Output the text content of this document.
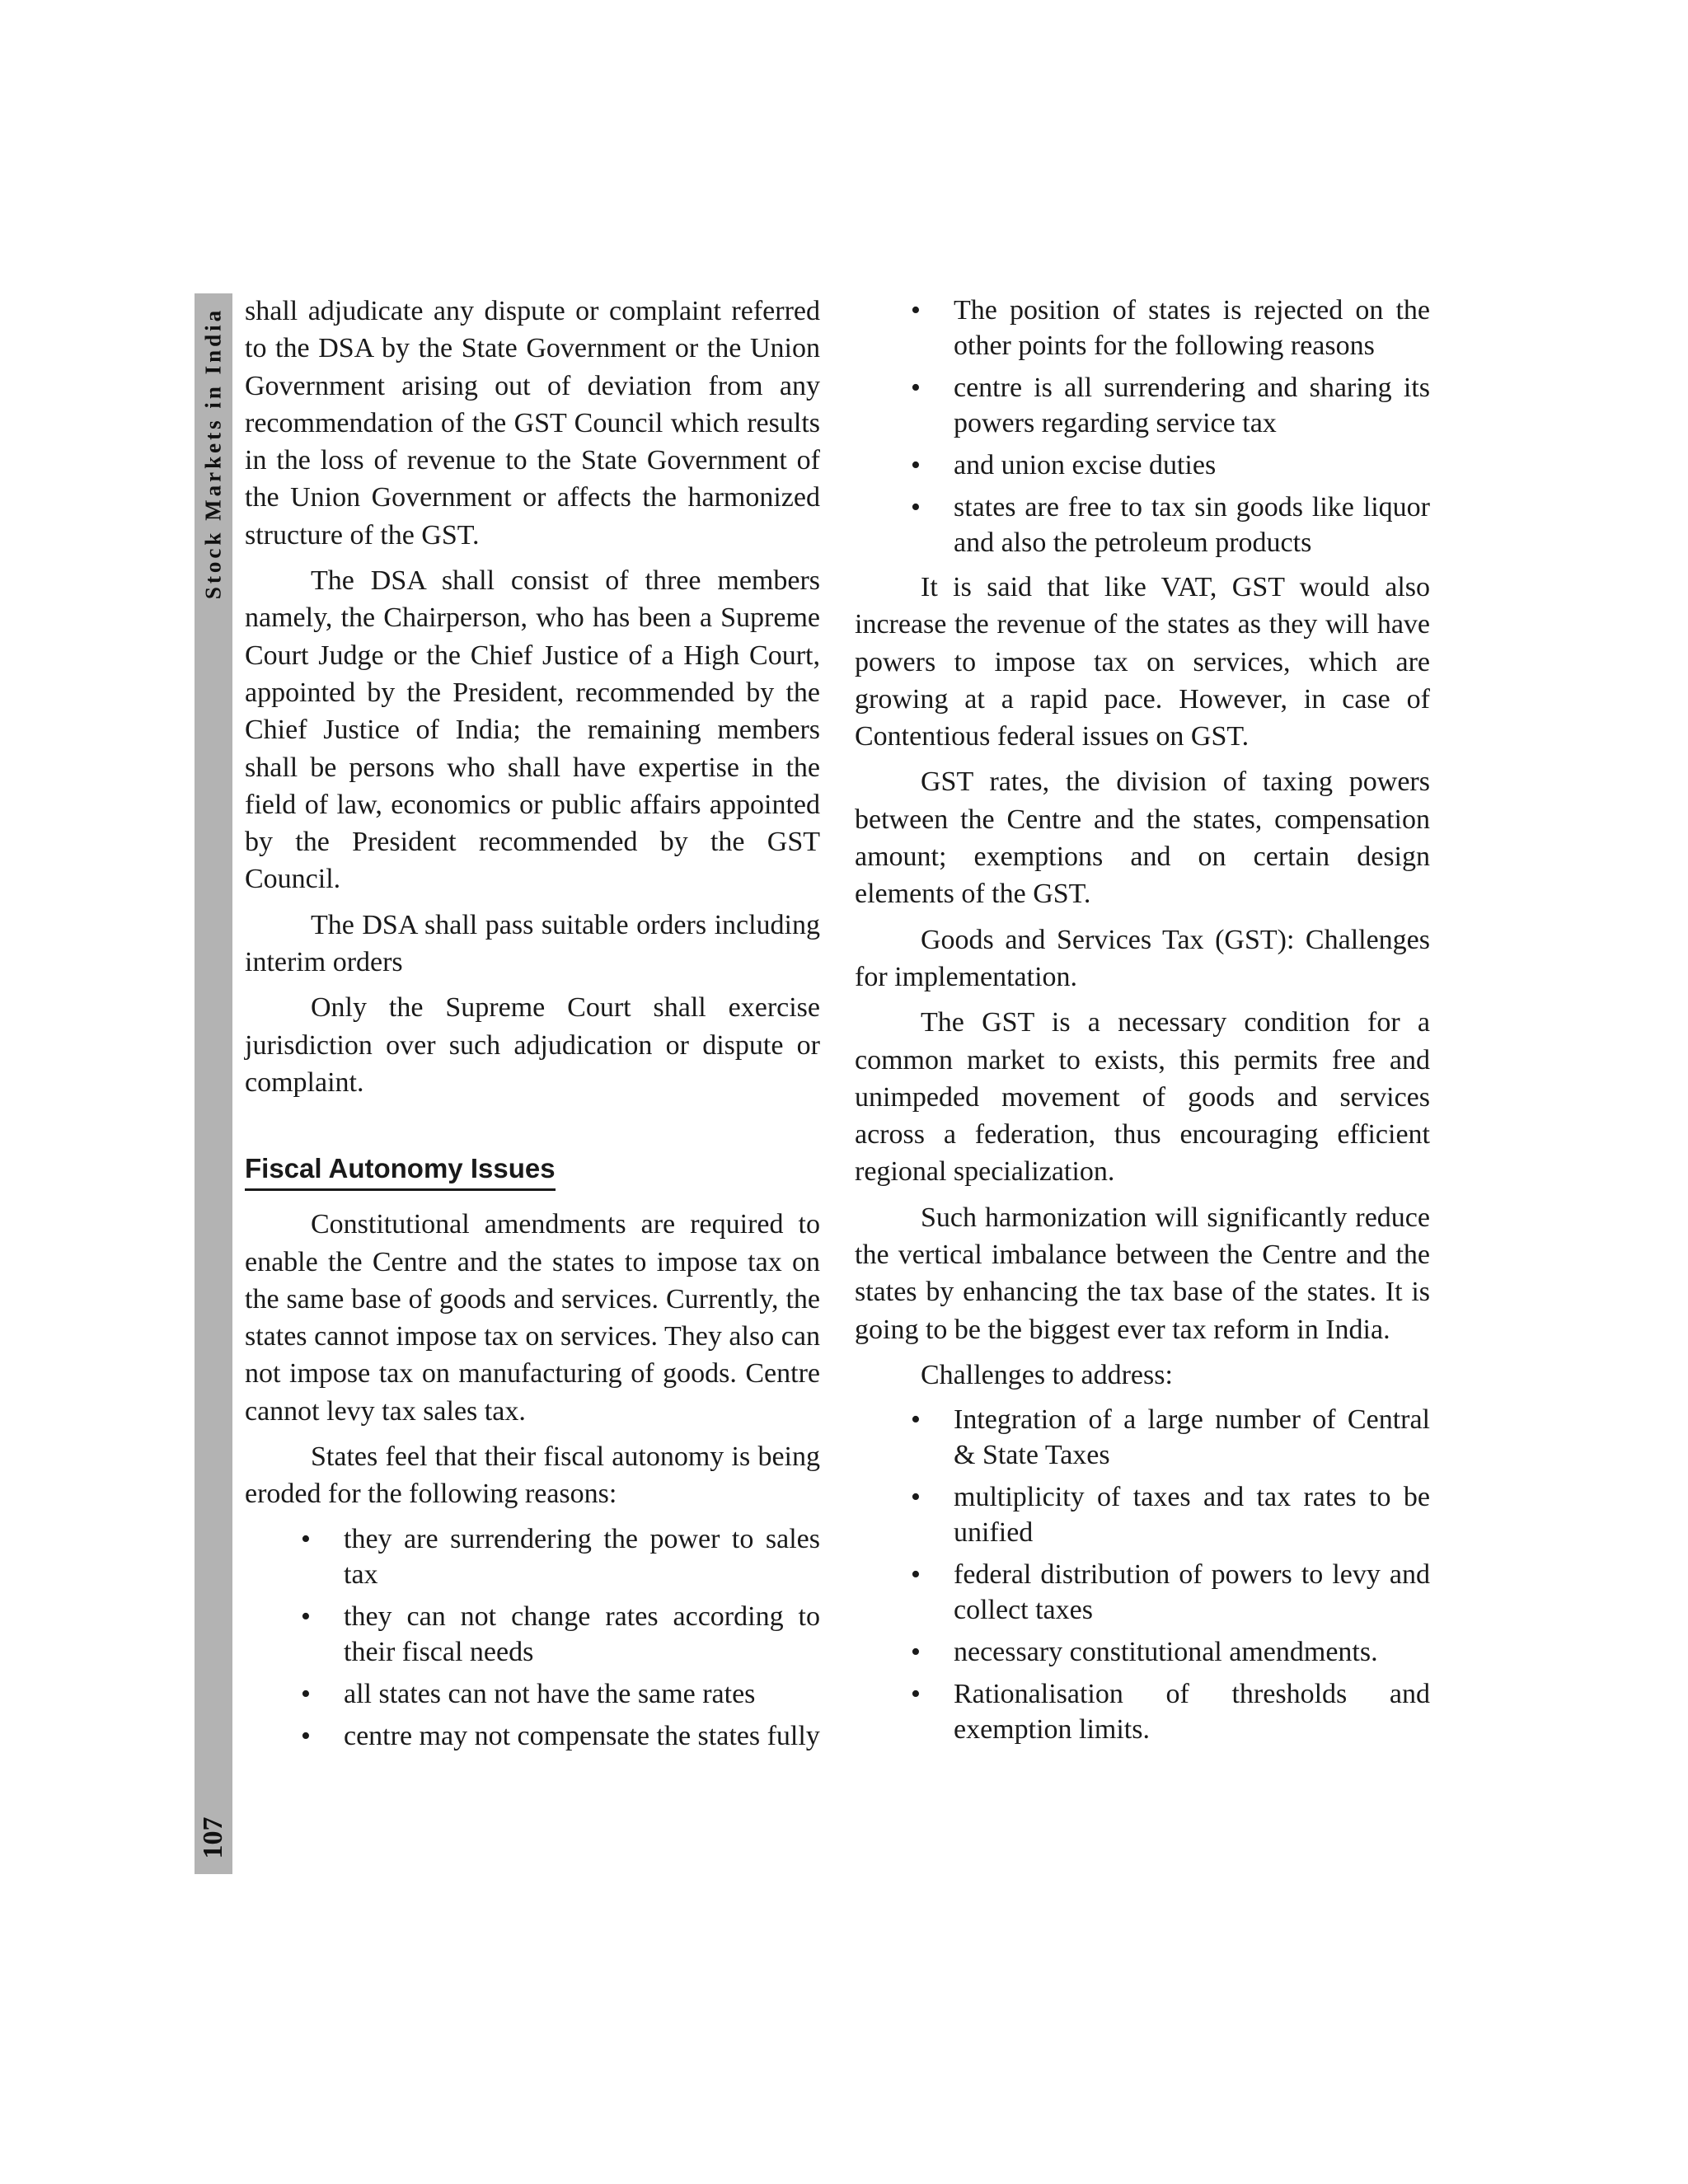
Stock Markets in India
107

shall adjudicate any dispute or complaint referred to the DSA by the State Government or the Union Government arising out of deviation from any recommendation of the GST Council which results in the loss of revenue to the State Government of the Union Government or affects the harmonized structure of the GST.

The DSA shall consist of three members namely, the Chairperson, who has been a Supreme Court Judge or the Chief Justice of a High Court, appointed by the President, recommended by the Chief Justice of India; the remaining members shall be persons who shall have expertise in the field of law, economics or public affairs appointed by the President recommended by the GST Council.

The DSA shall pass suitable orders including interim orders

Only the Supreme Court shall exercise jurisdiction over such adjudication or dispute or complaint.

Fiscal Autonomy Issues

Constitutional amendments are required to enable the Centre and the states to impose tax on the same base of goods and services. Currently, the states cannot impose tax on services. They also can not impose tax on manufacturing of goods. Centre cannot levy tax sales tax.

States feel that their fiscal autonomy is being eroded for the following reasons:

• they are surrendering the power to sales tax
• they can not change rates according to their fiscal needs
• all states can not have the same rates
• centre may not compensate the states fully
• The position of states is rejected on the other points for the following reasons
• centre is all surrendering and sharing its powers regarding service tax
• and union excise duties
• states are free to tax sin goods like liquor and also the petroleum products

It is said that like VAT, GST would also increase the revenue of the states as they will have powers to impose tax on services, which are growing at a rapid pace. However, in case of Contentious federal issues on GST.

GST rates, the division of taxing powers between the Centre and the states, compensation amount; exemptions and on certain design elements of the GST.

Goods and Services Tax (GST): Challenges for implementation.

The GST is a necessary condition for a common market to exists, this permits free and unimpeded movement of goods and services across a federation, thus encouraging efficient regional specialization.

Such harmonization will significantly reduce the vertical imbalance between the Centre and the states by enhancing the tax base of the states. It is going to be the biggest ever tax reform in India.

Challenges to address:

• Integration of a large number of Central & State Taxes
• multiplicity of taxes and tax rates to be unified
• federal distribution of powers to levy and collect taxes
• necessary constitutional amendments.
• Rationalisation of thresholds and exemption limits.
